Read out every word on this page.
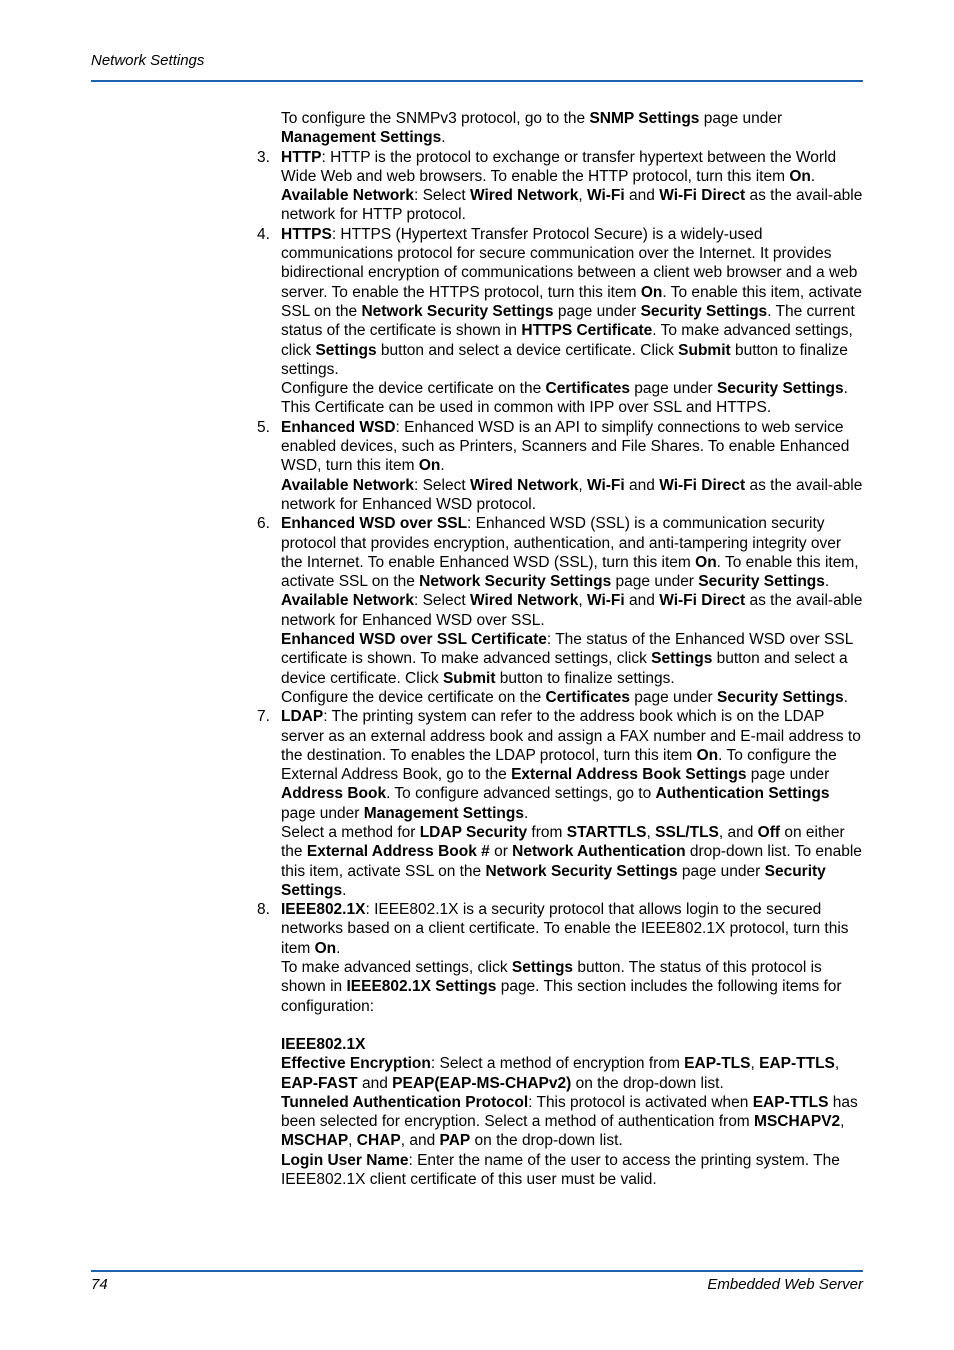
Network Settings

To configure the SNMPv3 protocol, go to the SNMP Settings page under Management Settings.

3. HTTP: HTTP is the protocol to exchange or transfer hypertext between the World Wide Web and web browsers. To enable the HTTP protocol, turn this item On.

Available Network: Select Wired Network, Wi-Fi and Wi-Fi Direct as the avail-able network for HTTP protocol.

4. HTTPS: HTTPS (Hypertext Transfer Protocol Secure) is a widely-used communications protocol for secure communication over the Internet. It provides bidirectional encryption of communications between a client web browser and a web server. To enable the HTTPS protocol, turn this item On. To enable this item, activate SSL on the Network Security Settings page under Security Settings. The current status of the certificate is shown in HTTPS Certificate. To make advanced settings, click Settings button and select a device certificate. Click Submit button to finalize settings.

Configure the device certificate on the Certificates page under Security Settings. This Certificate can be used in common with IPP over SSL and HTTPS.

5. Enhanced WSD: Enhanced WSD is an API to simplify connections to web service enabled devices, such as Printers, Scanners and File Shares. To enable Enhanced WSD, turn this item On.

Available Network: Select Wired Network, Wi-Fi and Wi-Fi Direct as the avail-able network for Enhanced WSD protocol.

6. Enhanced WSD over SSL: Enhanced WSD (SSL) is a communication security protocol that provides encryption, authentication, and anti-tampering integrity over the Internet. To enable Enhanced WSD (SSL), turn this item On. To enable this item, activate SSL on the Network Security Settings page under Security Settings.

Available Network: Select Wired Network, Wi-Fi and Wi-Fi Direct as the avail-able network for Enhanced WSD over SSL.

Enhanced WSD over SSL Certificate: The status of the Enhanced WSD over SSL certificate is shown. To make advanced settings, click Settings button and select a device certificate. Click Submit button to finalize settings.

Configure the device certificate on the Certificates page under Security Settings.

7. LDAP: The printing system can refer to the address book which is on the LDAP server as an external address book and assign a FAX number and E-mail address to the destination. To enables the LDAP protocol, turn this item On. To configure the External Address Book, go to the External Address Book Settings page under Address Book. To configure advanced settings, go to Authentication Settings page under Management Settings.

Select a method for LDAP Security from STARTTLS, SSL/TLS, and Off on either the External Address Book # or Network Authentication drop-down list. To enable this item, activate SSL on the Network Security Settings page under Security Settings.

8. IEEE802.1X: IEEE802.1X is a security protocol that allows login to the secured networks based on a client certificate. To enable the IEEE802.1X protocol, turn this item On.

To make advanced settings, click Settings button. The status of this protocol is shown in IEEE802.1X Settings page. This section includes the following items for configuration:

IEEE802.1X

Effective Encryption: Select a method of encryption from EAP-TLS, EAP-TTLS, EAP-FAST and PEAP(EAP-MS-CHAPv2) on the drop-down list.

Tunneled Authentication Protocol: This protocol is activated when EAP-TTLS has been selected for encryption. Select a method of authentication from MSCHAPV2, MSCHAP, CHAP, and PAP on the drop-down list.

Login User Name: Enter the name of the user to access the printing system. The IEEE802.1X client certificate of this user must be valid.

74	Embedded Web Server
